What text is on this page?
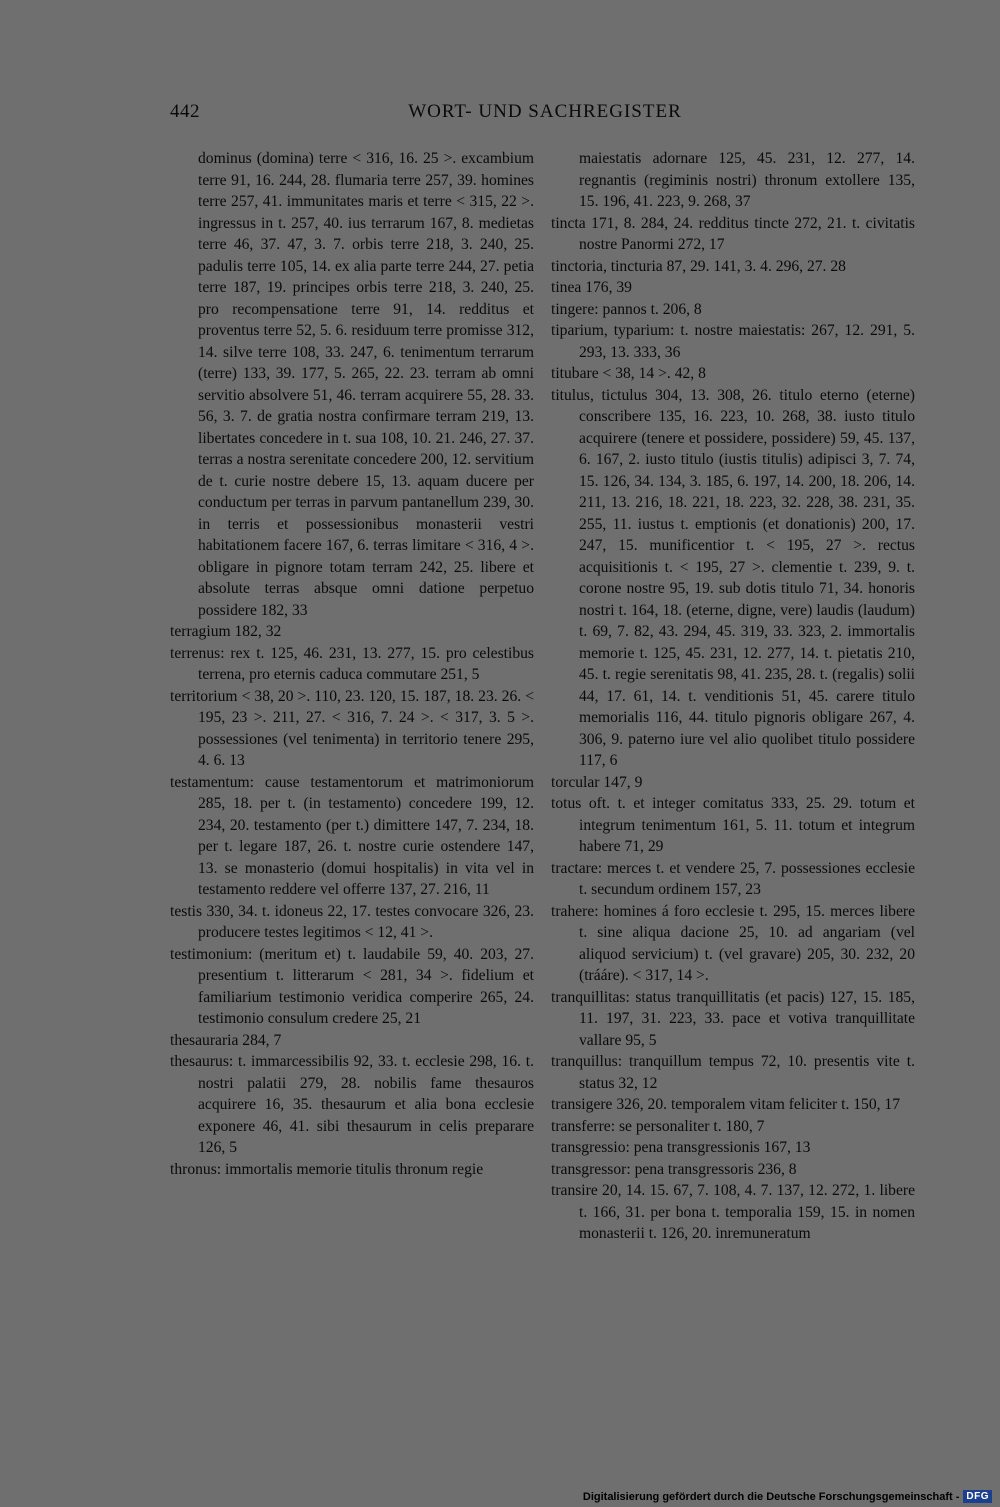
442	WORT- UND SACHREGISTER

dominus (domina) terre < 316, 16. 25 >. excambium terre 91, 16. 244, 28. flumaria terre 257, 39. homines terre 257, 41. immunitates maris et terre < 315, 22 >. ingressus in t. 257, 40. ius terrarum 167, 8. medietas terre 46, 37. 47, 3. 7. orbis terre 218, 3. 240, 25. padulis terre 105, 14. ex alia parte terre 244, 27. petia terre 187, 19. principes orbis terre 218, 3. 240, 25. pro recompensatione terre 91, 14. redditus et proventus terre 52, 5. 6. residuum terre promisse 312, 14. silve terre 108, 33. 247, 6. tenimentum terrarum (terre) 133, 39. 177, 5. 265, 22. 23. terram ab omni servitio absolvere 51, 46. terram acquirere 55, 28. 33. 56, 3. 7. de gratia nostra confirmare terram 219, 13. libertates concedere in t. sua 108, 10. 21. 246, 27. 37. terras a nostra serenitate concedere 200, 12. servitium de t. curie nostre debere 15, 13. aquam ducere per conductum per terras in parvum pantanellum 239, 30. in terris et possessionibus monasterii vestri habitationem facere 167, 6. terras limitare < 316, 4 >. obligare in pignore totam terram 242, 25. libere et absolute terras absque omni datione perpetuo possidere 182, 33

terragium 182, 32

terrenus: rex t. 125, 46. 231, 13. 277, 15. pro celestibus terrena, pro eternis caduca commutare 251, 5

territorium < 38, 20 >. 110, 23. 120, 15. 187, 18. 23. 26. < 195, 23 >. 211, 27. < 316, 7. 24 >. < 317, 3. 5 >. possessiones (vel tenimenta) in territorio tenere 295, 4. 6. 13

testamentum: cause testamentorum et matrimoniorum 285, 18. per t. (in testamento) concedere 199, 12. 234, 20. testamento (per t.) dimittere 147, 7. 234, 18. per t. legare 187, 26. t. nostre curie ostendere 147, 13. se monasterio (domui hospitalis) in vita vel in testamento reddere vel offerre 137, 27. 216, 11

testis 330, 34. t. idoneus 22, 17. testes convocare 326, 23. producere testes legitimos < 12, 41 >.

testimonium: (meritum et) t. laudabile 59, 40. 203, 27. presentium t. litterarum < 281, 34 >. fidelium et familiarium testimonio veridica comperire 265, 24. testimonio consulum credere 25, 21

thesauraria 284, 7

thesaurus: t. immarcessibilis 92, 33. t. ecclesie 298, 16. t. nostri palatii 279, 28. nobilis fame thesauros acquirere 16, 35. thesaurum et alia bona ecclesie exponere 46, 41. sibi thesaurum in celis preparare 126, 5

thronus: immortalis memorie titulis thronum regie

maiestatis adornare 125, 45. 231, 12. 277, 14. regnantis (regiminis nostri) thronum extollere 135, 15. 196, 41. 223, 9. 268, 37

tincta 171, 8. 284, 24. redditus tincte 272, 21. t. civitatis nostre Panormi 272, 17

tinctoria, tincturia 87, 29. 141, 3. 4. 296, 27. 28

tinea 176, 39

tingere: pannos t. 206, 8

tiparium, typarium: t. nostre maiestatis: 267, 12. 291, 5. 293, 13. 333, 36

titubare < 38, 14 >. 42, 8

titulus, tictulus 304, 13. 308, 26. titulo eterno (eterne) conscribere 135, 16. 223, 10. 268, 38. iusto titulo acquirere (tenere et possidere, possidere) 59, 45. 137, 6. 167, 2. iusto titulo (iustis titulis) adipisci 3, 7. 74, 15. 126, 34. 134, 3. 185, 6. 197, 14. 200, 18. 206, 14. 211, 13. 216, 18. 221, 18. 223, 32. 228, 38. 231, 35. 255, 11. iustus t. emptionis (et donationis) 200, 17. 247, 15. munificentior t. < 195, 27 >. rectus acquisitionis t. < 195, 27 >. clementie t. 239, 9. t. corone nostre 95, 19. sub dotis titulo 71, 34. honoris nostri t. 164, 18. (eterne, digne, vere) laudis (laudum) t. 69, 7. 82, 43. 294, 45. 319, 33. 323, 2. immortalis memorie t. 125, 45. 231, 12. 277, 14. t. pietatis 210, 45. t. regie serenitatis 98, 41. 235, 28. t. (regalis) solii 44, 17. 61, 14. t. venditionis 51, 45. carere titulo memorialis 116, 44. titulo pignoris obligare 267, 4. 306, 9. paterno iure vel alio quolibet titulo possidere 117, 6

torcular 147, 9

totus oft. t. et integer comitatus 333, 25. 29. totum et integrum tenimentum 161, 5. 11. totum et integrum habere 71, 29

tractare: merces t. et vendere 25, 7. possessiones ecclesie t. secundum ordinem 157, 23

trahere: homines á foro ecclesie t. 295, 15. merces libere t. sine aliqua dacione 25, 10. ad angariam (vel aliquod servicium) t. (vel gravare) 205, 30. 232, 20 (trááre). < 317, 14 >.

tranquillitas: status tranquillitatis (et pacis) 127, 15. 185, 11. 197, 31. 223, 33. pace et votiva tranquillitate vallare 95, 5

tranquillus: tranquillum tempus 72, 10. presentis vite t. status 32, 12

transigere 326, 20. temporalem vitam feliciter t. 150, 17

transferre: se personaliter t. 180, 7

transgressio: pena transgressionis 167, 13

transgressor: pena transgressoris 236, 8

transire 20, 14. 15. 67, 7. 108, 4. 7. 137, 12. 272, 1. libere t. 166, 31. per bona t. temporalia 159, 15. in nomen monasterii t. 126, 20. inremuneratum

Digitalisierung gefördert durch die Deutsche Forschungsgemeinschaft - DFG
